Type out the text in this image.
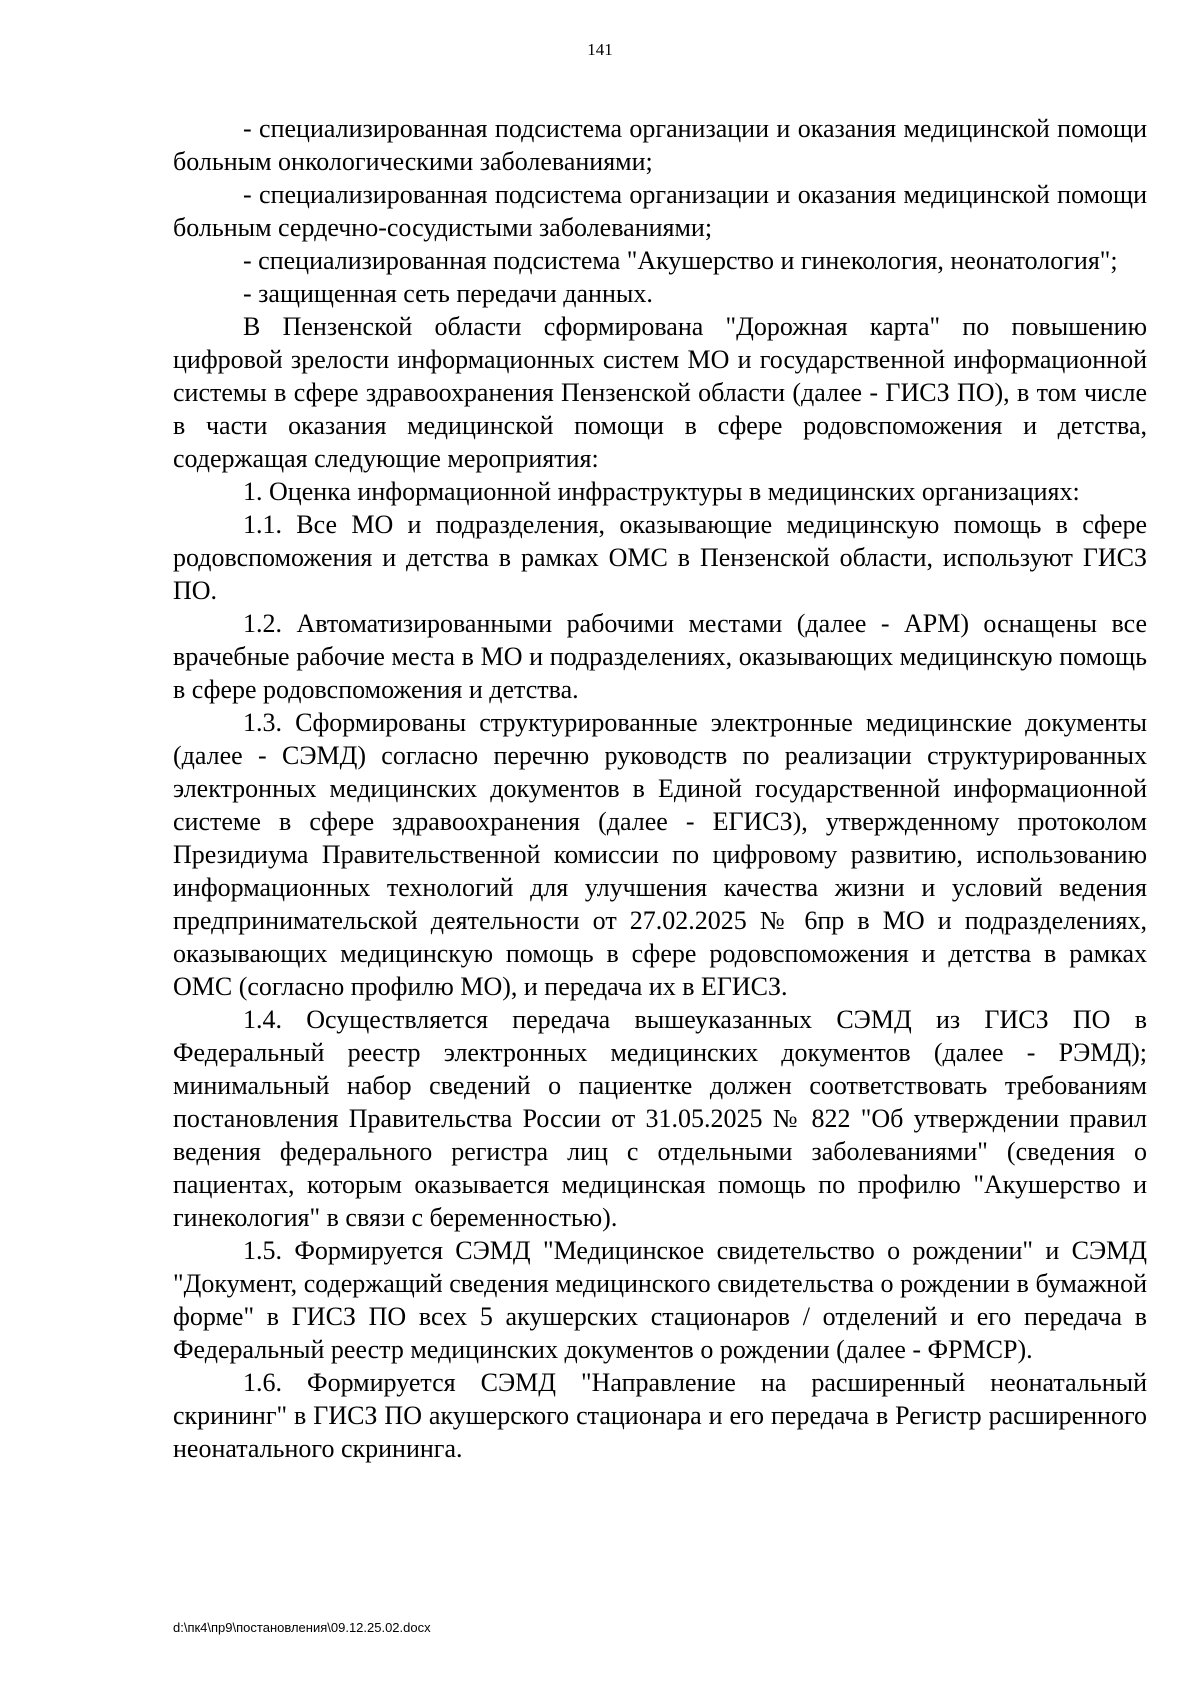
141

- специализированная подсистема организации и оказания медицинской помощи больным онкологическими заболеваниями;

- специализированная подсистема организации и оказания медицинской помощи больным сердечно-сосудистыми заболеваниями;

- специализированная подсистема "Акушерство и гинекология, неонатология";

- защищенная сеть передачи данных.

В Пензенской области сформирована "Дорожная карта" по повышению цифровой зрелости информационных систем МО и государственной информационной системы в сфере здравоохранения Пензенской области (далее - ГИСЗ ПО), в том числе в части оказания медицинской помощи в сфере родовспоможения и детства, содержащая следующие мероприятия:

1. Оценка информационной инфраструктуры в медицинских организациях:

1.1. Все МО и подразделения, оказывающие медицинскую помощь в сфере родовспоможения и детства в рамках ОМС в Пензенской области, используют ГИСЗ ПО.

1.2. Автоматизированными рабочими местами (далее - АРМ) оснащены все врачебные рабочие места в МО и подразделениях, оказывающих медицинскую помощь в сфере родовспоможения и детства.

1.3. Сформированы структурированные электронные медицинские документы (далее - СЭМД) согласно перечню руководств по реализации структурированных электронных медицинских документов в Единой государственной информационной системе в сфере здравоохранения (далее - ЕГИСЗ), утвержденному протоколом Президиума Правительственной комиссии по цифровому развитию, использованию информационных технологий для улучшения качества жизни и условий ведения предпринимательской деятельности от 27.02.2025 № 6пр в МО и подразделениях, оказывающих медицинскую помощь в сфере родовспоможения и детства в рамках ОМС (согласно профилю МО), и передача их в ЕГИСЗ.

1.4. Осуществляется передача вышеуказанных СЭМД из ГИСЗ ПО в Федеральный реестр электронных медицинских документов (далее - РЭМД); минимальный набор сведений о пациентке должен соответствовать требованиям постановления Правительства России от 31.05.2025 № 822 "Об утверждении правил ведения федерального регистра лиц с отдельными заболеваниями" (сведения о пациентах, которым оказывается медицинская помощь по профилю "Акушерство и гинекология" в связи с беременностью).

1.5. Формируется СЭМД "Медицинское свидетельство о рождении" и СЭМД "Документ, содержащий сведения медицинского свидетельства о рождении в бумажной форме" в ГИСЗ ПО всех 5 акушерских стационаров / отделений и его передача в Федеральный реестр медицинских документов о рождении (далее - ФРМСР).

1.6. Формируется СЭМД "Направление на расширенный неонатальный скрининг" в ГИСЗ ПО акушерского стационара и его передача в Регистр расширенного неонатального скрининга.

d:\пк4\пр9\постановления\09.12.25.02.docx
